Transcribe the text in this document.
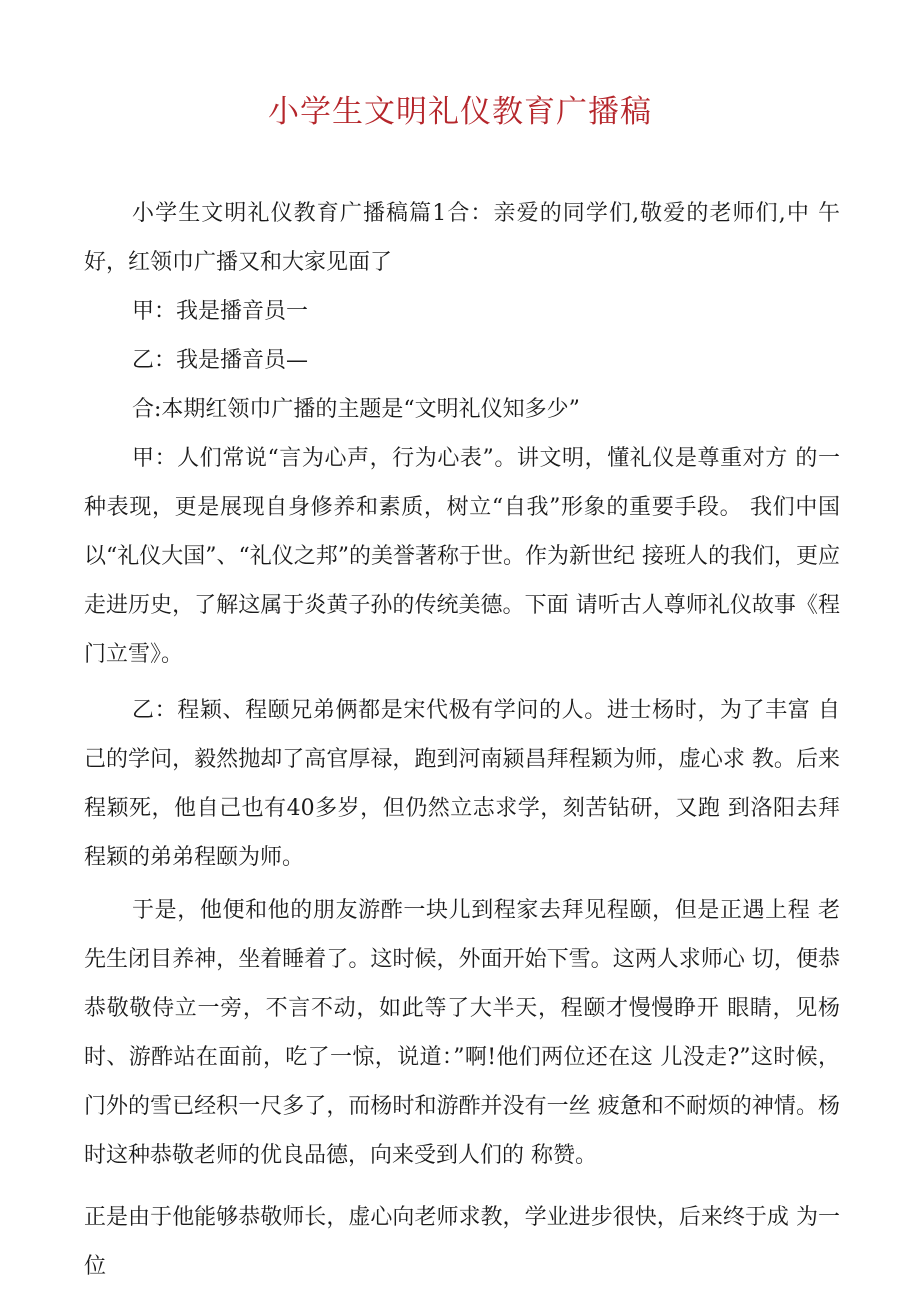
小学生文明礼仪教育广播稿

小学生文明礼仪教育广播稿篇1合：亲爱的同学们,敬爱的老师们,中 午好，红领巾广播又和大家见面了

甲：我是播音员一

乙：我是播音员—

合:本期红领巾广播的主题是“文明礼仪知多少”

甲：人们常说“言为心声，行为心表”。讲文明，懂礼仪是尊重对方 的一种表现，更是展现自身修养和素质，树立“自我”形象的重要手段。 我们中国以“礼仪大国”、“礼仪之邦”的美誉著称于世。作为新世纪 接班人的我们，更应走进历史，了解这属于炎黄子孙的传统美德。下面 请听古人尊师礼仪故事《程门立雪》。

乙：程颖、程颐兄弟俩都是宋代极有学问的人。进士杨时，为了丰富 自己的学问，毅然抛却了高官厚禄，跑到河南颍昌拜程颖为师，虚心求 教。后来程颖死，他自己也有40多岁，但仍然立志求学，刻苦钻研，又跑 到洛阳去拜程颖的弟弟程颐为师。

于是，他便和他的朋友游酢一块儿到程家去拜见程颐，但是正遇上程 老先生闭目养神，坐着睡着了。这时候，外面开始下雪。这两人求师心 切，便恭恭敬敬侍立一旁，不言不动，如此等了大半天，程颐才慢慢睁开 眼睛，见杨时、游酢站在面前，吃了一惊，说道：”啊!他们两位还在这 儿没走?”这时候，门外的雪已经积一尺多了，而杨时和游酢并没有一丝 疲惫和不耐烦的神情。杨时这种恭敬老师的优良品德，向来受到人们的 称赞。

正是由于他能够恭敬师长，虚心向老师求教，学业进步很快，后来终于成 为一位
